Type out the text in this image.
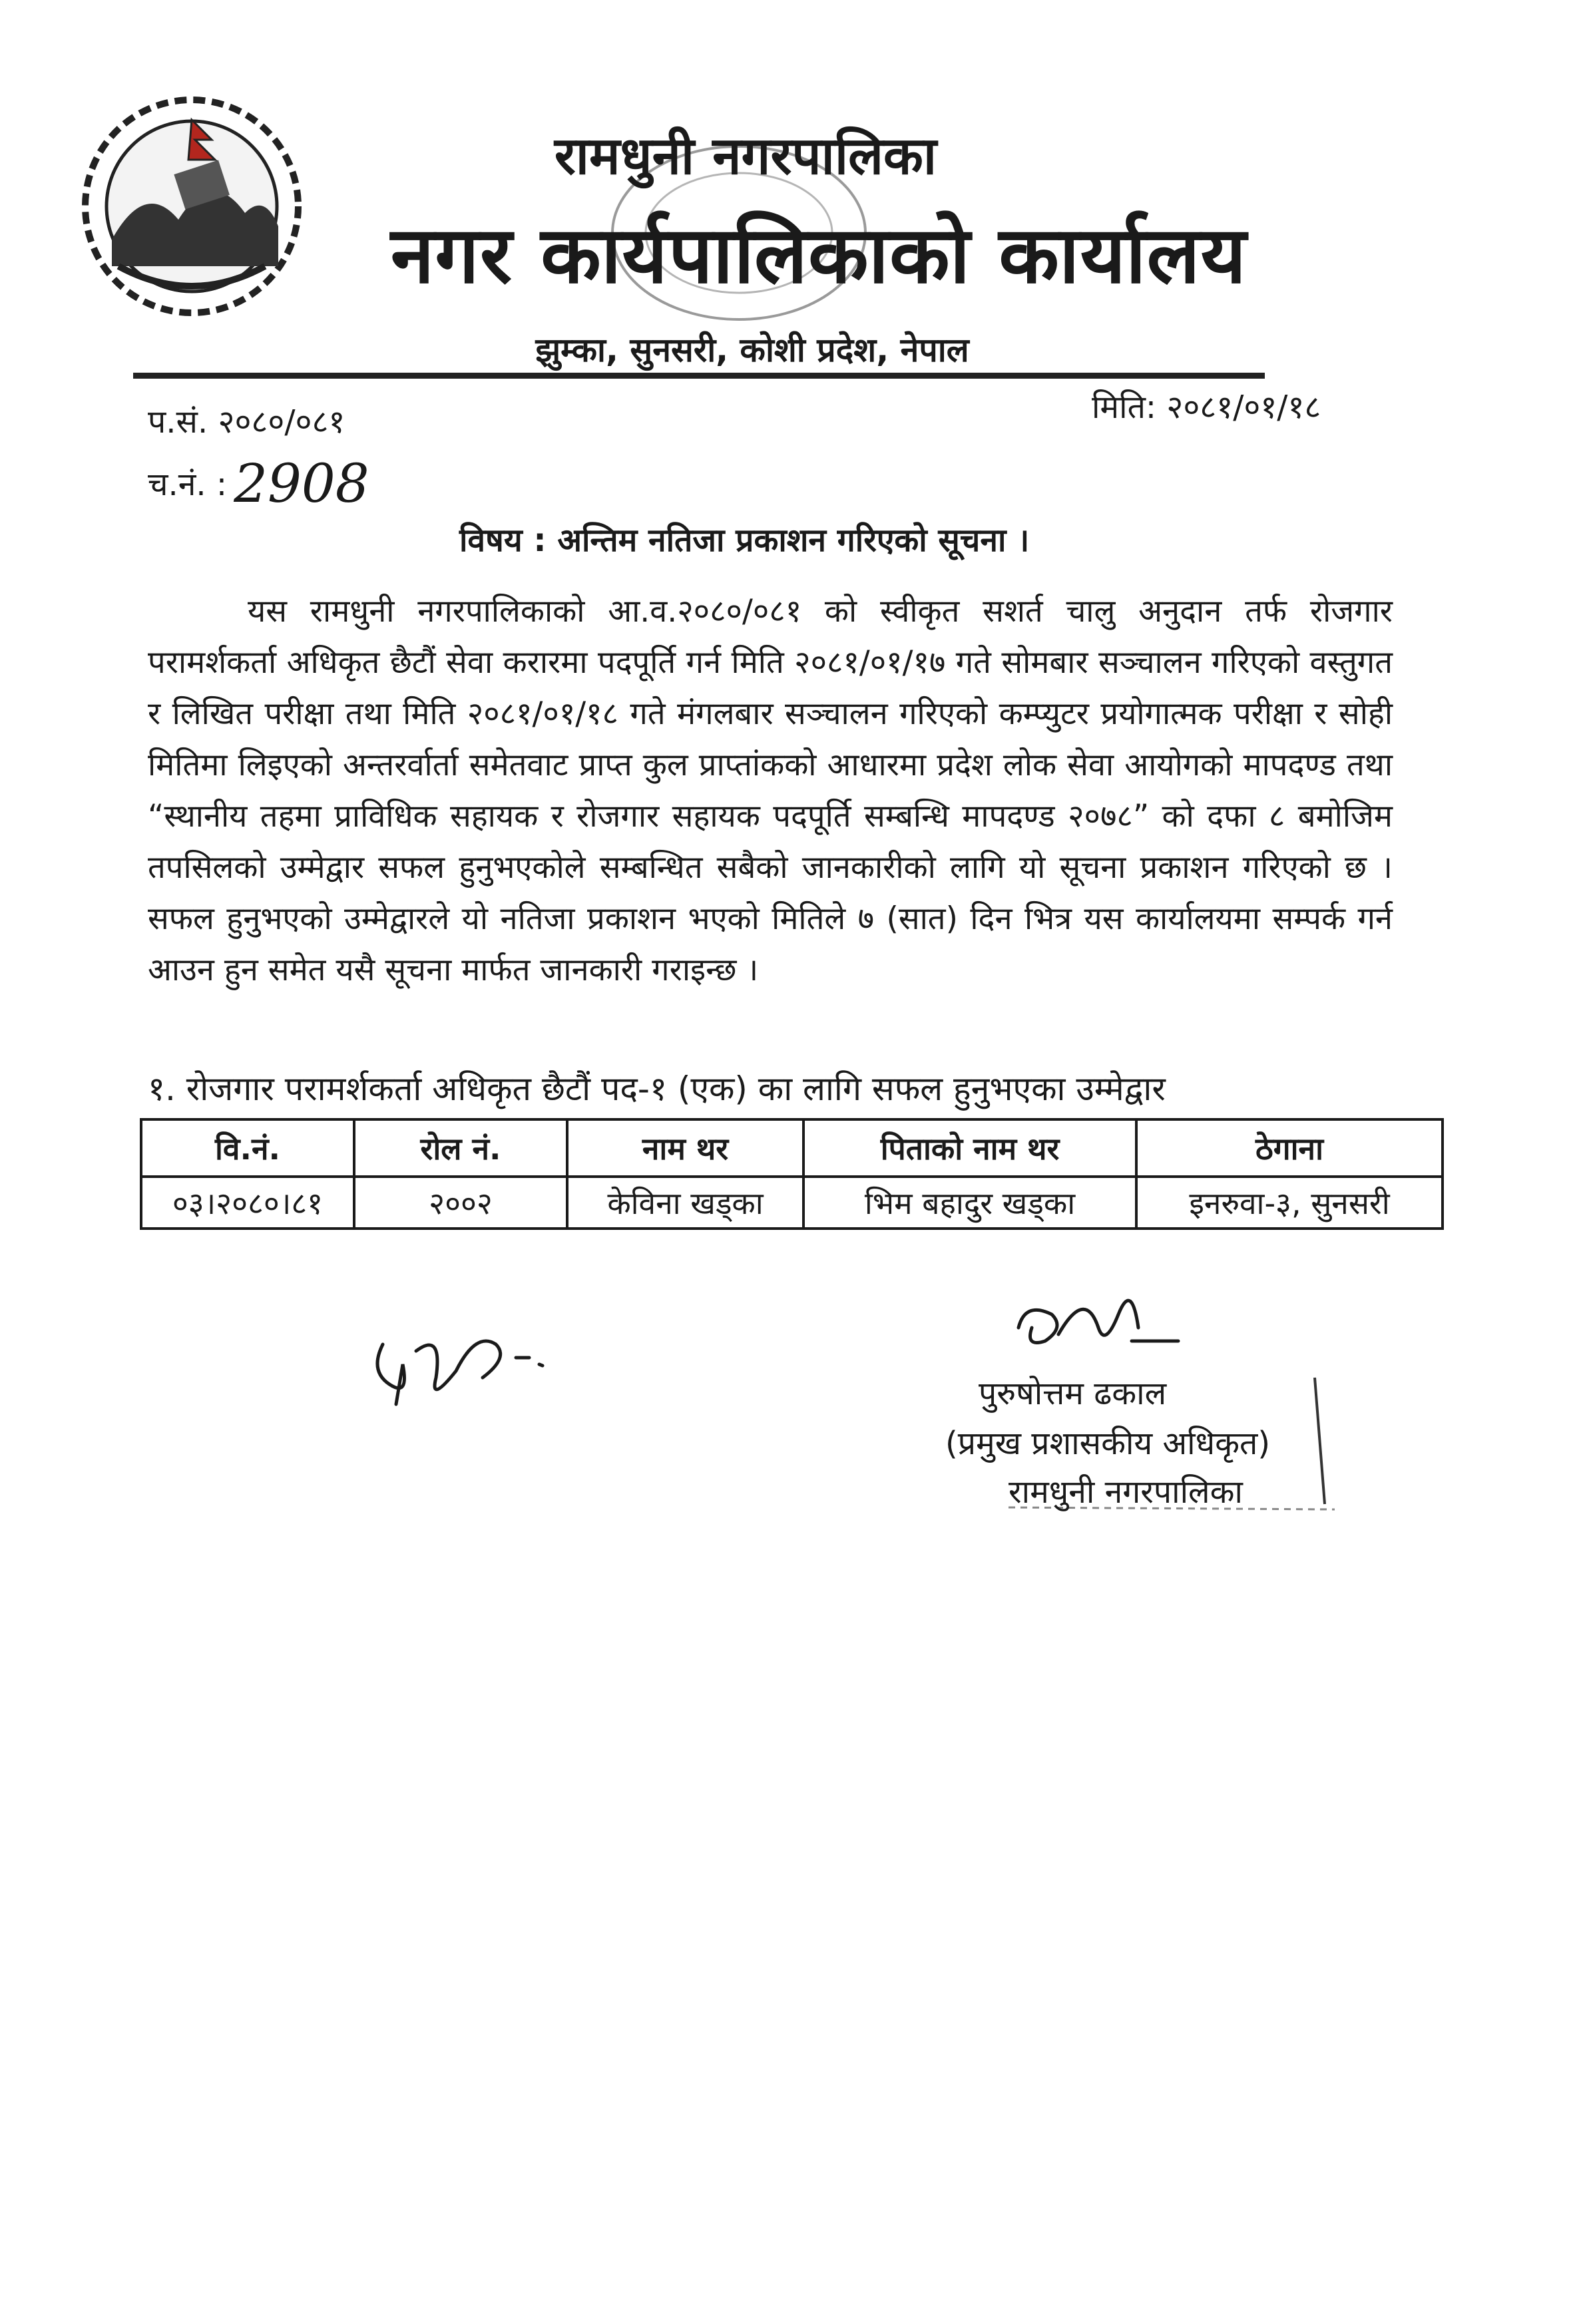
रामधुनी नगरपालिका
नगर कार्यपालिकाको कार्यालय
झुम्का, सुनसरी, कोशी प्रदेश, नेपाल
प.सं. २०८०/०८१	मिति: २०८१/०१/१८
च.नं. : 2908
विषय : अन्तिम नतिजा प्रकाशन गरिएको सूचना ।

यस रामधुनी नगरपालिकाको आ.व.२०८०/०८१ को स्वीकृत सशर्त चालु अनुदान तर्फ रोजगार परामर्शकर्ता अधिकृत छैटौं सेवा करारमा पदपूर्ति गर्न मिति २०८१/०१/१७ गते सोमबार सञ्चालन गरिएको वस्तुगत र लिखित परीक्षा तथा मिति २०८१/०१/१८ गते मंगलबार सञ्चालन गरिएको कम्प्युटर प्रयोगात्मक परीक्षा र सोही मितिमा लिइएको अन्तरर्वार्ता समेतवाट प्राप्त कुल प्राप्तांकको आधारमा प्रदेश लोक सेवा आयोगको मापदण्ड तथा “स्थानीय तहमा प्राविधिक सहायक र रोजगार सहायक पदपूर्ति सम्बन्धि मापदण्ड २०७८” को दफा ८ बमोजिम तपसिलको उम्मेद्वार सफल हुनुभएकोले सम्बन्धित सबैको जानकारीको लागि यो सूचना प्रकाशन गरिएको छ । सफल हुनुभएको उम्मेद्वारले यो नतिजा प्रकाशन भएको मितिले ७ (सात) दिन भित्र यस कार्यालयमा सम्पर्क गर्न आउन हुन समेत यसै सूचना मार्फत जानकारी गराइन्छ ।

१. रोजगार परामर्शकर्ता अधिकृत छैटौं पद-१ (एक) का लागि सफल हुनुभएका उम्मेद्वार
वि.नं.	रोल नं.	नाम थर	पिताको नाम थर	ठेगाना
०३।२०८०।८१	२००२	केविना खड्का	भिम बहादुर खड्का	इनरुवा-३, सुनसरी
पुरुषोत्तम ढकाल
(प्रमुख प्रशासकीय अधिकृत)
रामधुनी नगरपालिका
